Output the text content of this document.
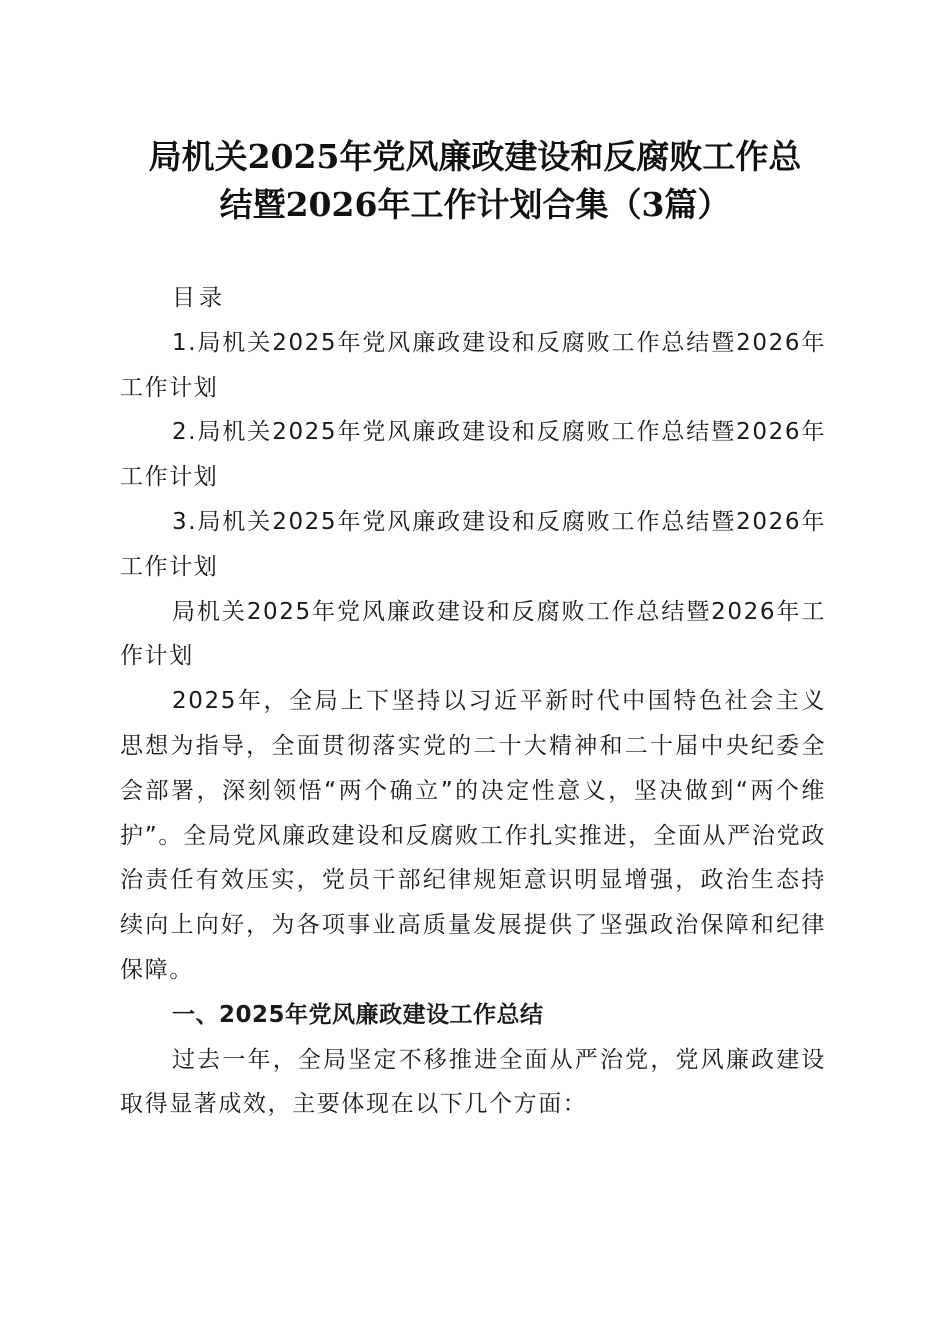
局机关2025年党风廉政建设和反腐败工作总
结暨2026年工作计划合集（3篇）

目录

1.局机关2025年党风廉政建设和反腐败工作总结暨2026年工作计划

2.局机关2025年党风廉政建设和反腐败工作总结暨2026年工作计划

3.局机关2025年党风廉政建设和反腐败工作总结暨2026年工作计划

局机关2025年党风廉政建设和反腐败工作总结暨2026年工作计划

2025年，全局上下坚持以习近平新时代中国特色社会主义思想为指导，全面贯彻落实党的二十大精神和二十届中央纪委全会部署，深刻领悟“两个确立”的决定性意义，坚决做到“两个维护”。全局党风廉政建设和反腐败工作扎实推进，全面从严治党政治责任有效压实，党员干部纪律规矩意识明显增强，政治生态持续向上向好，为各项事业高质量发展提供了坚强政治保障和纪律保障。

一、2025年党风廉政建设工作总结

过去一年，全局坚定不移推进全面从严治党，党风廉政建设取得显著成效，主要体现在以下几个方面：
